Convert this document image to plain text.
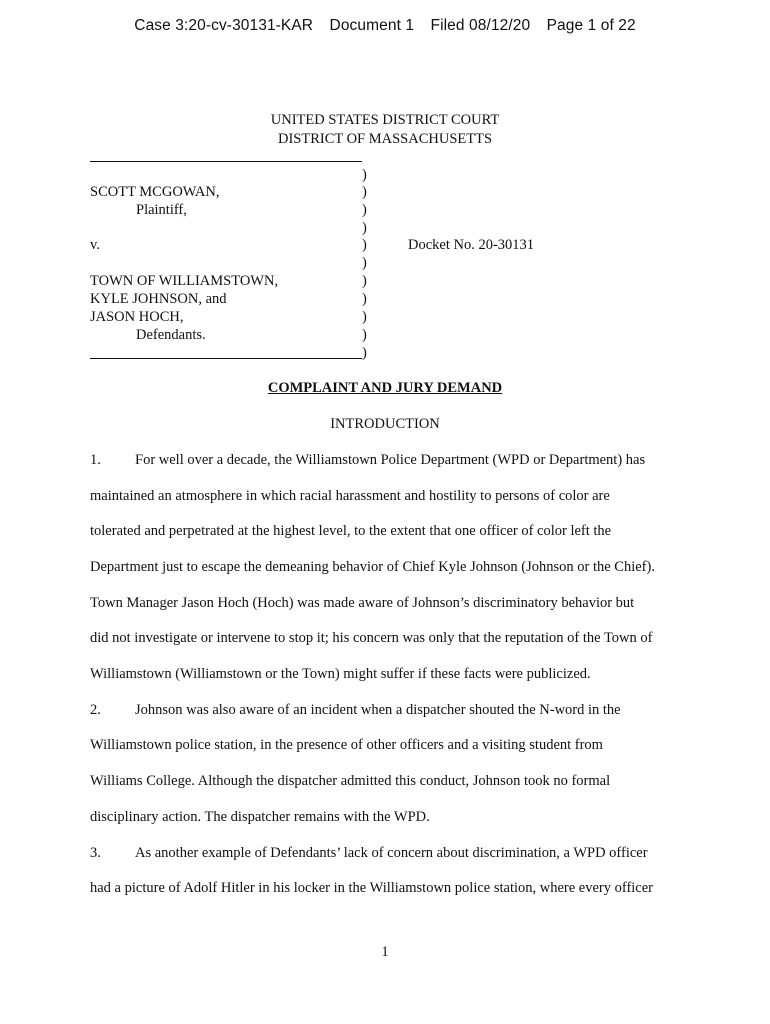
Case 3:20-cv-30131-KAR Document 1 Filed 08/12/20 Page 1 of 22
UNITED STATES DISTRICT COURT
DISTRICT OF MASSACHUSETTS
SCOTT MCGOWAN,
Plaintiff,
v.
TOWN OF WILLIAMSTOWN,
KYLE JOHNSON, and
JASON HOCH,
Defendants.
Docket No. 20-30131
)
)
)
)
)
)
)
)
)
)
)
COMPLAINT AND JURY DEMAND
INTRODUCTION
1. For well over a decade, the Williamstown Police Department (WPD or Department) has
maintained an atmosphere in which racial harassment and hostility to persons of color are
tolerated and perpetrated at the highest level, to the extent that one officer of color left the
Department just to escape the demeaning behavior of Chief Kyle Johnson (Johnson or the Chief).
Town Manager Jason Hoch (Hoch) was made aware of Johnson’s discriminatory behavior but
did not investigate or intervene to stop it; his concern was only that the reputation of the Town of
Williamstown (Williamstown or the Town) might suffer if these facts were publicized.
2. Johnson was also aware of an incident when a dispatcher shouted the N-word in the
Williamstown police station, in the presence of other officers and a visiting student from
Williams College. Although the dispatcher admitted this conduct, Johnson took no formal
disciplinary action. The dispatcher remains with the WPD.
3. As another example of Defendants’ lack of concern about discrimination, a WPD officer
had a picture of Adolf Hitler in his locker in the Williamstown police station, where every officer
1
